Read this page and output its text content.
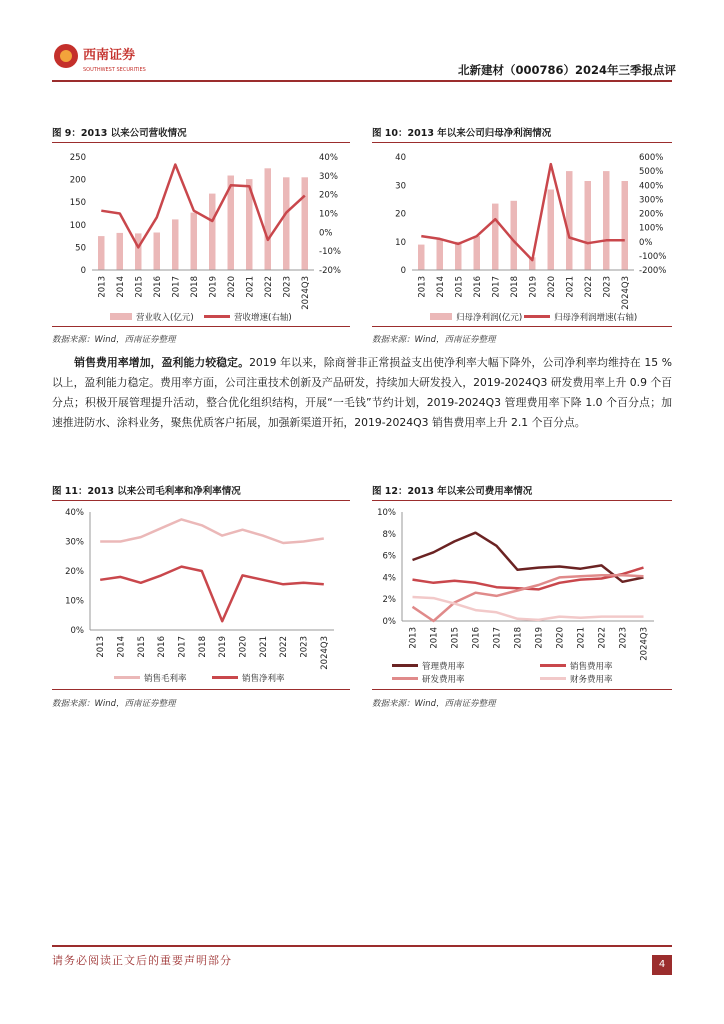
西南证券
SOUTHWEST SECURITIES	北新建材（000786）2024年三季报点评
图 9：2013 以来公司营收情况
250
200
150
100
50
0
40%
30%
20%
10%
0%
-10%
-20%
2013 2014 2015 2016 2017 2018 2019 2020 2021 2022 2023 2024Q3
营业收入(亿元)	营收增速(右轴)
数据来源：Wind，西南证券整理
图 10：2013 年以来公司归母净利润情况
40
30
20
10
0
600%
500%
400%
300%
200%
100%
0%
-100%
-200%
2013 2014 2015 2016 2017 2018 2019 2020 2021 2022 2023 2024Q3
归母净利润(亿元)	归母净利润增速(右轴)
数据来源：Wind，西南证券整理
销售费用率增加，盈利能力较稳定。2019 年以来，除商誉非正常损益支出使净利率大幅下降外，公司净利率均维持在 15 %以上，盈利能力稳定。费用率方面，公司注重技术创新及产品研发，持续加大研发投入，2019-2024Q3 研发费用率上升 0.9 个百分点；积极开展管理提升活动，整合优化组织结构，开展“一毛钱”节约计划，2019-2024Q3 管理费用率下降 1.0 个百分点；加速推进防水、涂料业务，聚焦优质客户拓展，加强新渠道开拓，2019-2024Q3 销售费用率上升 2.1 个百分点。
图 11：2013 以来公司毛利率和净利率情况
40%
30%
20%
10%
0%
2013 2014 2015 2016 2017 2018 2019 2020 2021 2022 2023 2024Q3
销售毛利率	销售净利率
数据来源：Wind，西南证券整理
图 12：2013 年以来公司费用率情况
10%
8%
6%
4%
2%
0%
2013 2014 2015 2016 2017 2018 2019 2020 2021 2022 2023 2024Q3
管理费用率	销售费用率
研发费用率	财务费用率
数据来源：Wind，西南证券整理
请务必阅读正文后的重要声明部分	4
